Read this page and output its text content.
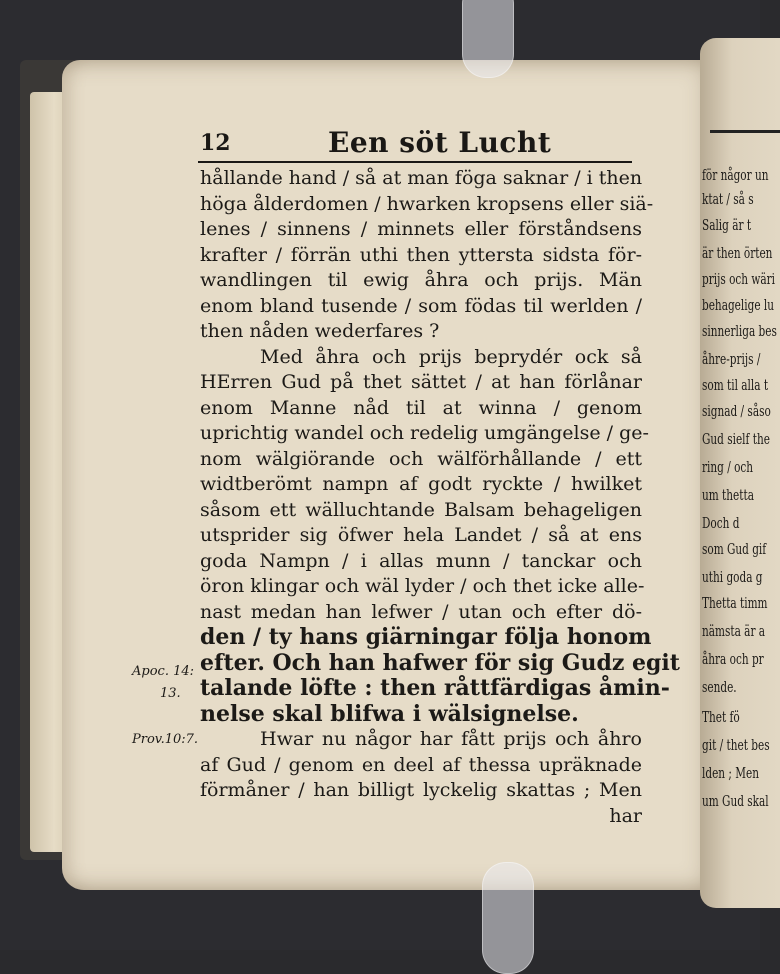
för någor un
ktat / så s
Salig är t
är then örten
prijs och wäri
behagelige lu
sinnerliga bes
åhre-prijs /
som til alla t
signad / såso
Gud sielf the
ring / och
um thetta
Doch d
som Gud gif
uthi goda g
Thetta timm
nämsta är a
åhra och pr
sende.
Thet fö
git / thet bes
lden ; Men
um Gud skal
12	Een söt Lucht
hållande hand / så at man föga saknar / i then
höga ålderdomen / hwarken kropsens eller siä-
lenes / sinnens / minnets eller förståndsens
krafter / förrän uthi then yttersta sidsta för-
wandlingen til ewig åhra och prijs. Män
enom bland tusende / som födas til werlden /
then nåden wederfares ?
Med åhra och prijs beprydér ock så
HErren Gud på thet sättet / at han förlånar
enom Manne nåd til at winna / genom
uprichtig wandel och redelig umgängelse / ge-
nom wälgiörande och wälförhållande / ett
widtberömt nampn af godt ryckte / hwilket
såsom ett wälluchtande Balsam behageligen
utsprider sig öfwer hela Landet / så at ens
goda Nampn / i allas munn / tanckar och
öron klingar och wäl lyder / och thet icke alle-
nast medan han lefwer / utan och efter dö-
den / ty hans giärningar följa honom
efter. Och han hafwer för sig Gudz egit
talande löfte : then råttfärdigas åmin-
nelse skal blifwa i wälsignelse.
Hwar nu någor har fått prijs och åhro
af Gud / genom en deel af thessa upräknade
förmåner / han billigt lyckelig skattas ; Men
har
Apoc. 14:
13.
Prov.10:7.
